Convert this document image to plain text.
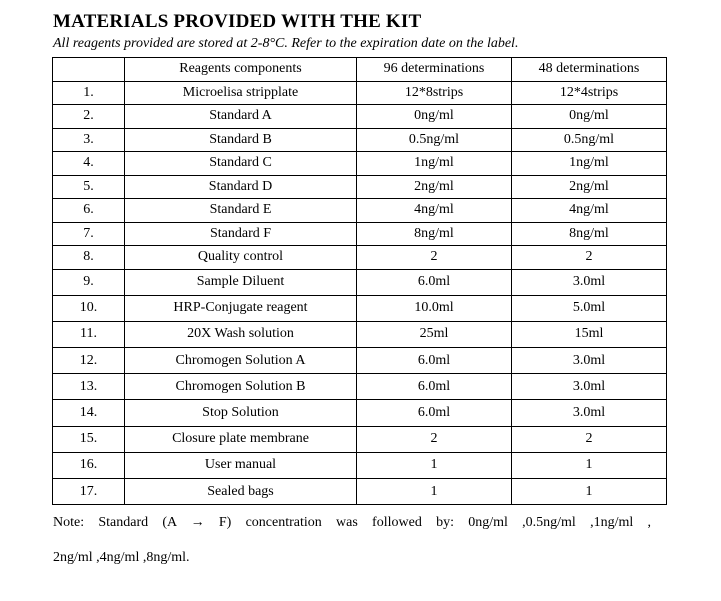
MATERIALS PROVIDED WITH THE KIT
All reagents provided are stored at 2-8°C. Refer to the expiration date on the label.
	Reagents components	96 determinations	48 determinations
1.	Microelisa stripplate	12*8strips	12*4strips
2.	Standard A	0ng/ml	0ng/ml
3.	Standard B	0.5ng/ml	0.5ng/ml
4.	Standard C	1ng/ml	1ng/ml
5.	Standard D	2ng/ml	2ng/ml
6.	Standard E	4ng/ml	4ng/ml
7.	Standard F	8ng/ml	8ng/ml
8.	Quality control	2	2
9.	Sample Diluent	6.0ml	3.0ml
10.	HRP-Conjugate reagent	10.0ml	5.0ml
11.	20X Wash solution	25ml	15ml
12.	Chromogen Solution A	6.0ml	3.0ml
13.	Chromogen Solution B	6.0ml	3.0ml
14.	Stop Solution	6.0ml	3.0ml
15.	Closure plate membrane	2	2
16.	User manual	1	1
17.	Sealed bags	1	1
Note: Standard (A → F) concentration was followed by: 0ng/ml ,0.5ng/ml ,1ng/ml ,
2ng/ml ,4ng/ml ,8ng/ml.
